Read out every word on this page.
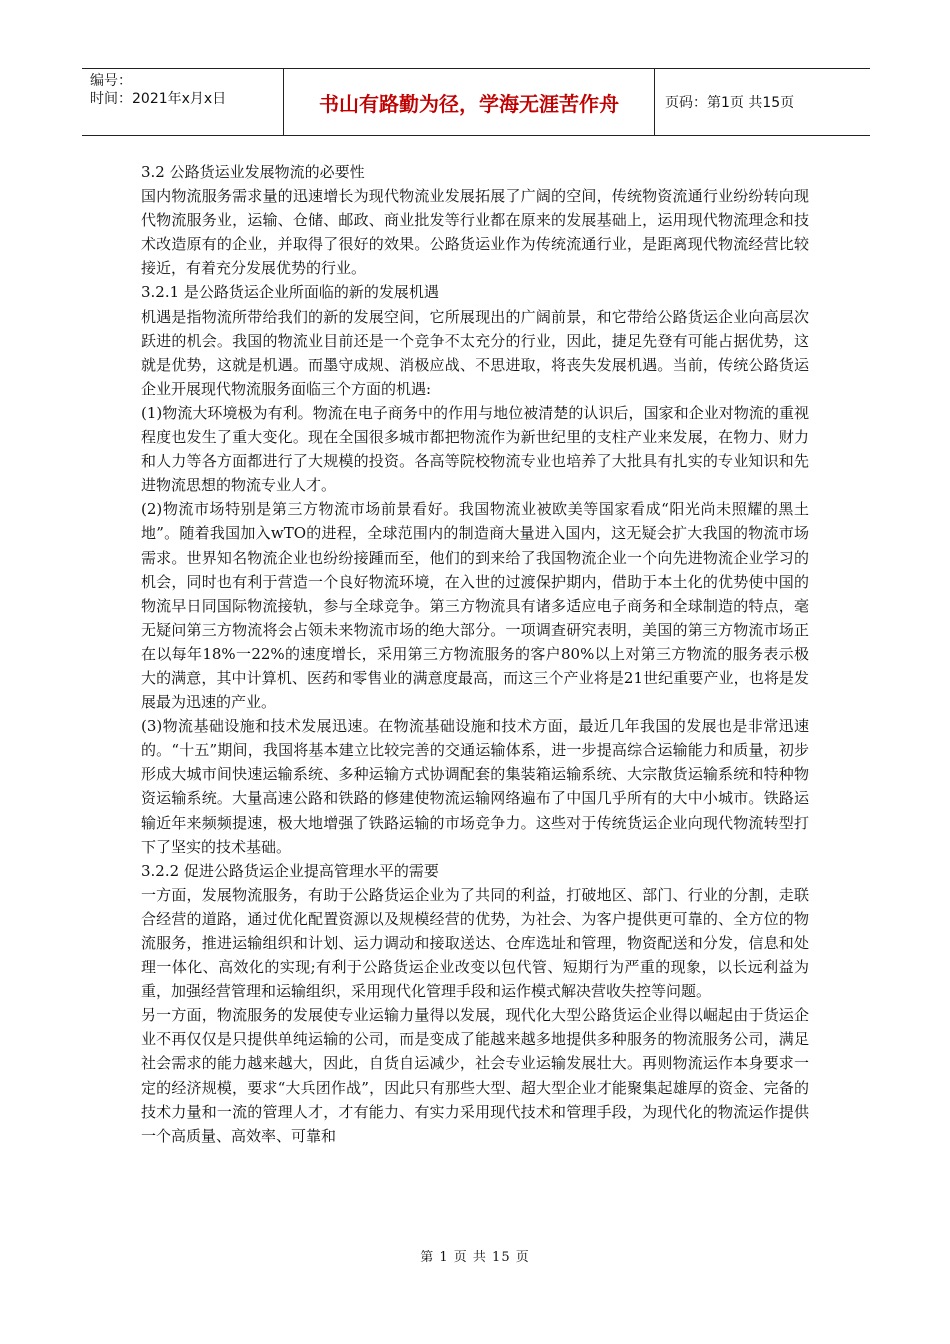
编号：
时间：2021年x月x日	书山有路勤为径，学海无涯苦作舟	页码：第1页 共15页

3.2 公路货运业发展物流的必要性

国内物流服务需求量的迅速增长为现代物流业发展拓展了广阔的空间，传统物资流通行业纷纷转向现代物流服务业，运输、仓储、邮政、商业批发等行业都在原来的发展基础上，运用现代物流理念和技术改造原有的企业，并取得了很好的效果。公路货运业作为传统流通行业，是距离现代物流经营比较接近，有着充分发展优势的行业。

3.2.1 是公路货运企业所面临的新的发展机遇

机遇是指物流所带给我们的新的发展空间，它所展现出的广阔前景，和它带给公路货运企业向高层次跃进的机会。我国的物流业目前还是一个竞争不太充分的行业，因此，捷足先登有可能占据优势，这就是优势，这就是机遇。而墨守成规、消极应战、不思进取，将丧失发展机遇。当前，传统公路货运企业开展现代物流服务面临三个方面的机遇:

(1)物流大环境极为有利。物流在电子商务中的作用与地位被清楚的认识后，国家和企业对物流的重视程度也发生了重大变化。现在全国很多城市都把物流作为新世纪里的支柱产业来发展，在物力、财力和人力等各方面都进行了大规模的投资。各高等院校物流专业也培养了大批具有扎实的专业知识和先进物流思想的物流专业人才。

(2)物流市场特别是第三方物流市场前景看好。我国物流业被欧美等国家看成“阳光尚未照耀的黑土地”。随着我国加入wTO的进程，全球范围内的制造商大量进入国内，这无疑会扩大我国的物流市场需求。世界知名物流企业也纷纷接踵而至，他们的到来给了我国物流企业一个向先进物流企业学习的机会，同时也有利于营造一个良好物流环境，在入世的过渡保护期内，借助于本土化的优势使中国的物流早日同国际物流接轨，参与全球竞争。第三方物流具有诸多适应电子商务和全球制造的特点，毫无疑问第三方物流将会占领未来物流市场的绝大部分。一项调查研究表明，美国的第三方物流市场正在以每年18%一22%的速度增长，采用第三方物流服务的客户80%以上对第三方物流的服务表示极大的满意，其中计算机、医药和零售业的满意度最高，而这三个产业将是21世纪重要产业，也将是发展最为迅速的产业。

(3)物流基础设施和技术发展迅速。在物流基础设施和技术方面，最近几年我国的发展也是非常迅速的。“十五”期间，我国将基本建立比较完善的交通运输体系，进一步提高综合运输能力和质量，初步形成大城市间快速运输系统、多种运输方式协调配套的集装箱运输系统、大宗散货运输系统和特种物资运输系统。大量高速公路和铁路的修建使物流运输网络遍布了中国几乎所有的大中小城市。铁路运输近年来频频提速，极大地增强了铁路运输的市场竞争力。这些对于传统货运企业向现代物流转型打下了坚实的技术基础。

3.2.2 促进公路货运企业提高管理水平的需要

一方面，发展物流服务，有助于公路货运企业为了共同的利益，打破地区、部门、行业的分割，走联合经营的道路，通过优化配置资源以及规模经营的优势，为社会、为客户提供更可靠的、全方位的物流服务，推进运输组织和计划、运力调动和接取送达、仓库选址和管理，物资配送和分发，信息和处理一体化、高效化的实现;有利于公路货运企业改变以包代管、短期行为严重的现象，以长远利益为重，加强经营管理和运输组织，采用现代化管理手段和运作模式解决营收失控等问题。

另一方面，物流服务的发展使专业运输力量得以发展，现代化大型公路货运企业得以崛起由于货运企业不再仅仅是只提供单纯运输的公司，而是变成了能越来越多地提供多种服务的物流服务公司，满足社会需求的能力越来越大，因此，自货自运减少，社会专业运输发展壮大。再则物流运作本身要求一定的经济规模，要求“大兵团作战”，因此只有那些大型、超大型企业才能聚集起雄厚的资金、完备的技术力量和一流的管理人才，才有能力、有实力采用现代技术和管理手段，为现代化的物流运作提供一个高质量、高效率、可靠和

第 1 页 共 15 页
